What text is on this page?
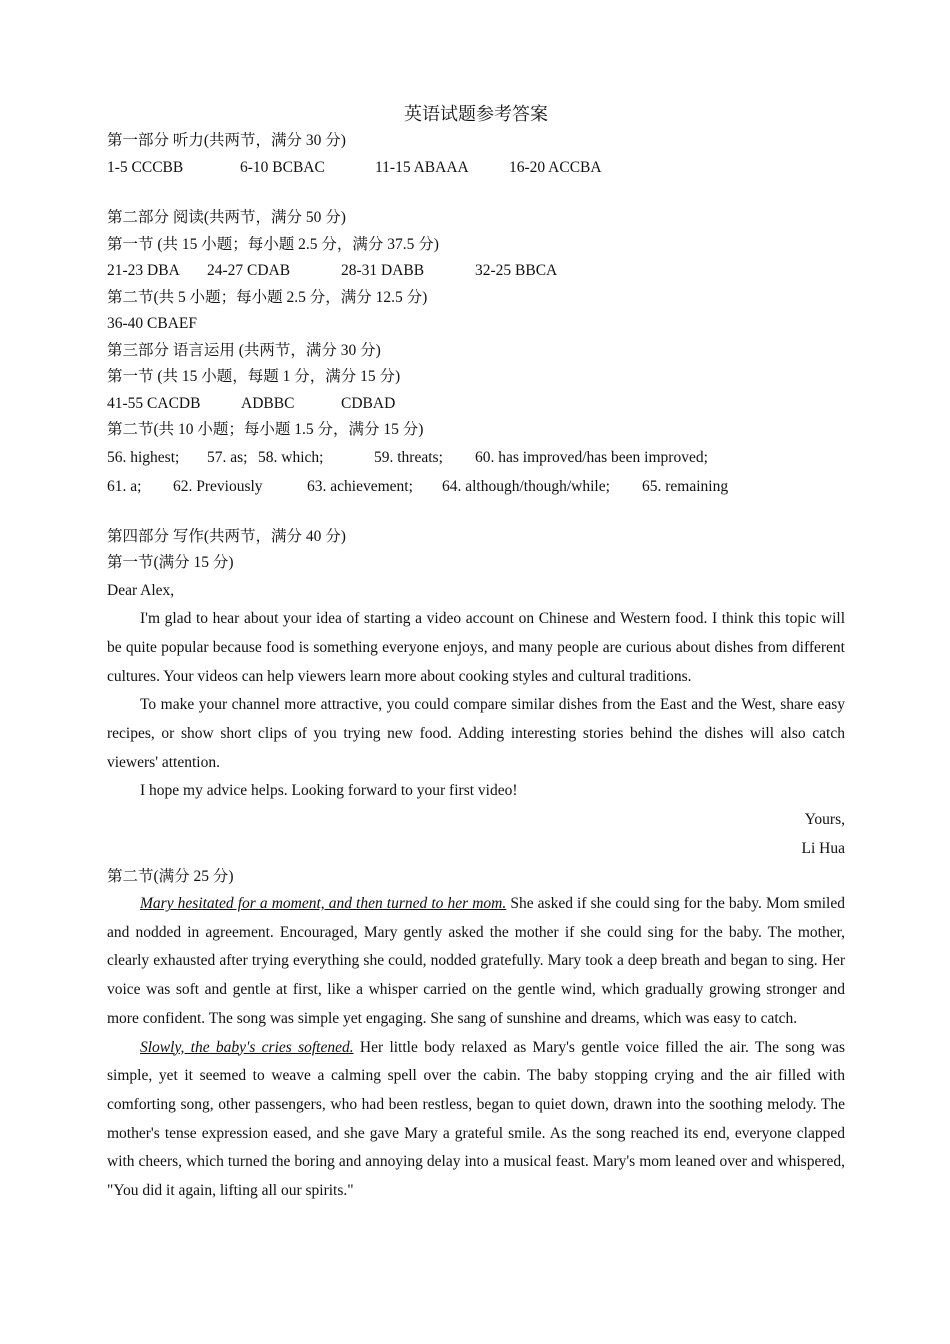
英语试题参考答案
第一部分 听力(共两节，满分 30 分)
1-5 CCCBB	6-10 BCBAC	11-15 ABAAA	16-20 ACCBA
第二部分 阅读(共两节，满分 50 分)
第一节 (共 15 小题；每小题 2.5 分，满分 37.5 分)
21-23 DBA 24-27 CDAB	28-31 DABB	32-25 BBCA
第二节(共 5 小题；每小题 2.5 分，满分 12.5 分)
36-40 CBAEF
第三部分 语言运用 (共两节，满分 30 分)
第一节 (共 15 小题，每题 1 分，满分 15 分)
41-55 CACDB	ADBBC	CDBAD
第二节(共 10 小题；每小题 1.5 分，满分 15 分)
56. highest; 57. as; 58. which;	59. threats; 60. has improved/has been improved;
61. a; 62. Previously	63. achievement; 64. although/though/while; 65. remaining
第四部分 写作(共两节，满分 40 分)
第一节(满分 15 分)

Dear Alex,

I'm glad to hear about your idea of starting a video account on Chinese and Western food. I think this topic will be quite popular because food is something everyone enjoys, and many people are curious about dishes from different cultures. Your videos can help viewers learn more about cooking styles and cultural traditions.

To make your channel more attractive, you could compare similar dishes from the East and the West, share easy recipes, or show short clips of you trying new food. Adding interesting stories behind the dishes will also catch viewers' attention.

I hope my advice helps. Looking forward to your first video!

Yours,
Li Hua
第二节(满分 25 分)

Mary hesitated for a moment, and then turned to her mom. She asked if she could sing for the baby. Mom smiled and nodded in agreement. Encouraged, Mary gently asked the mother if she could sing for the baby. The mother, clearly exhausted after trying everything she could, nodded gratefully. Mary took a deep breath and began to sing. Her voice was soft and gentle at first, like a whisper carried on the gentle wind, which gradually growing stronger and more confident. The song was simple yet engaging. She sang of sunshine and dreams, which was easy to catch.

Slowly, the baby's cries softened. Her little body relaxed as Mary's gentle voice filled the air. The song was simple, yet it seemed to weave a calming spell over the cabin. The baby stopping crying and the air filled with comforting song, other passengers, who had been restless, began to quiet down, drawn into the soothing melody. The mother's tense expression eased, and she gave Mary a grateful smile. As the song reached its end, everyone clapped with cheers, which turned the boring and annoying delay into a musical feast. Mary's mom leaned over and whispered, "You did it again, lifting all our spirits."
